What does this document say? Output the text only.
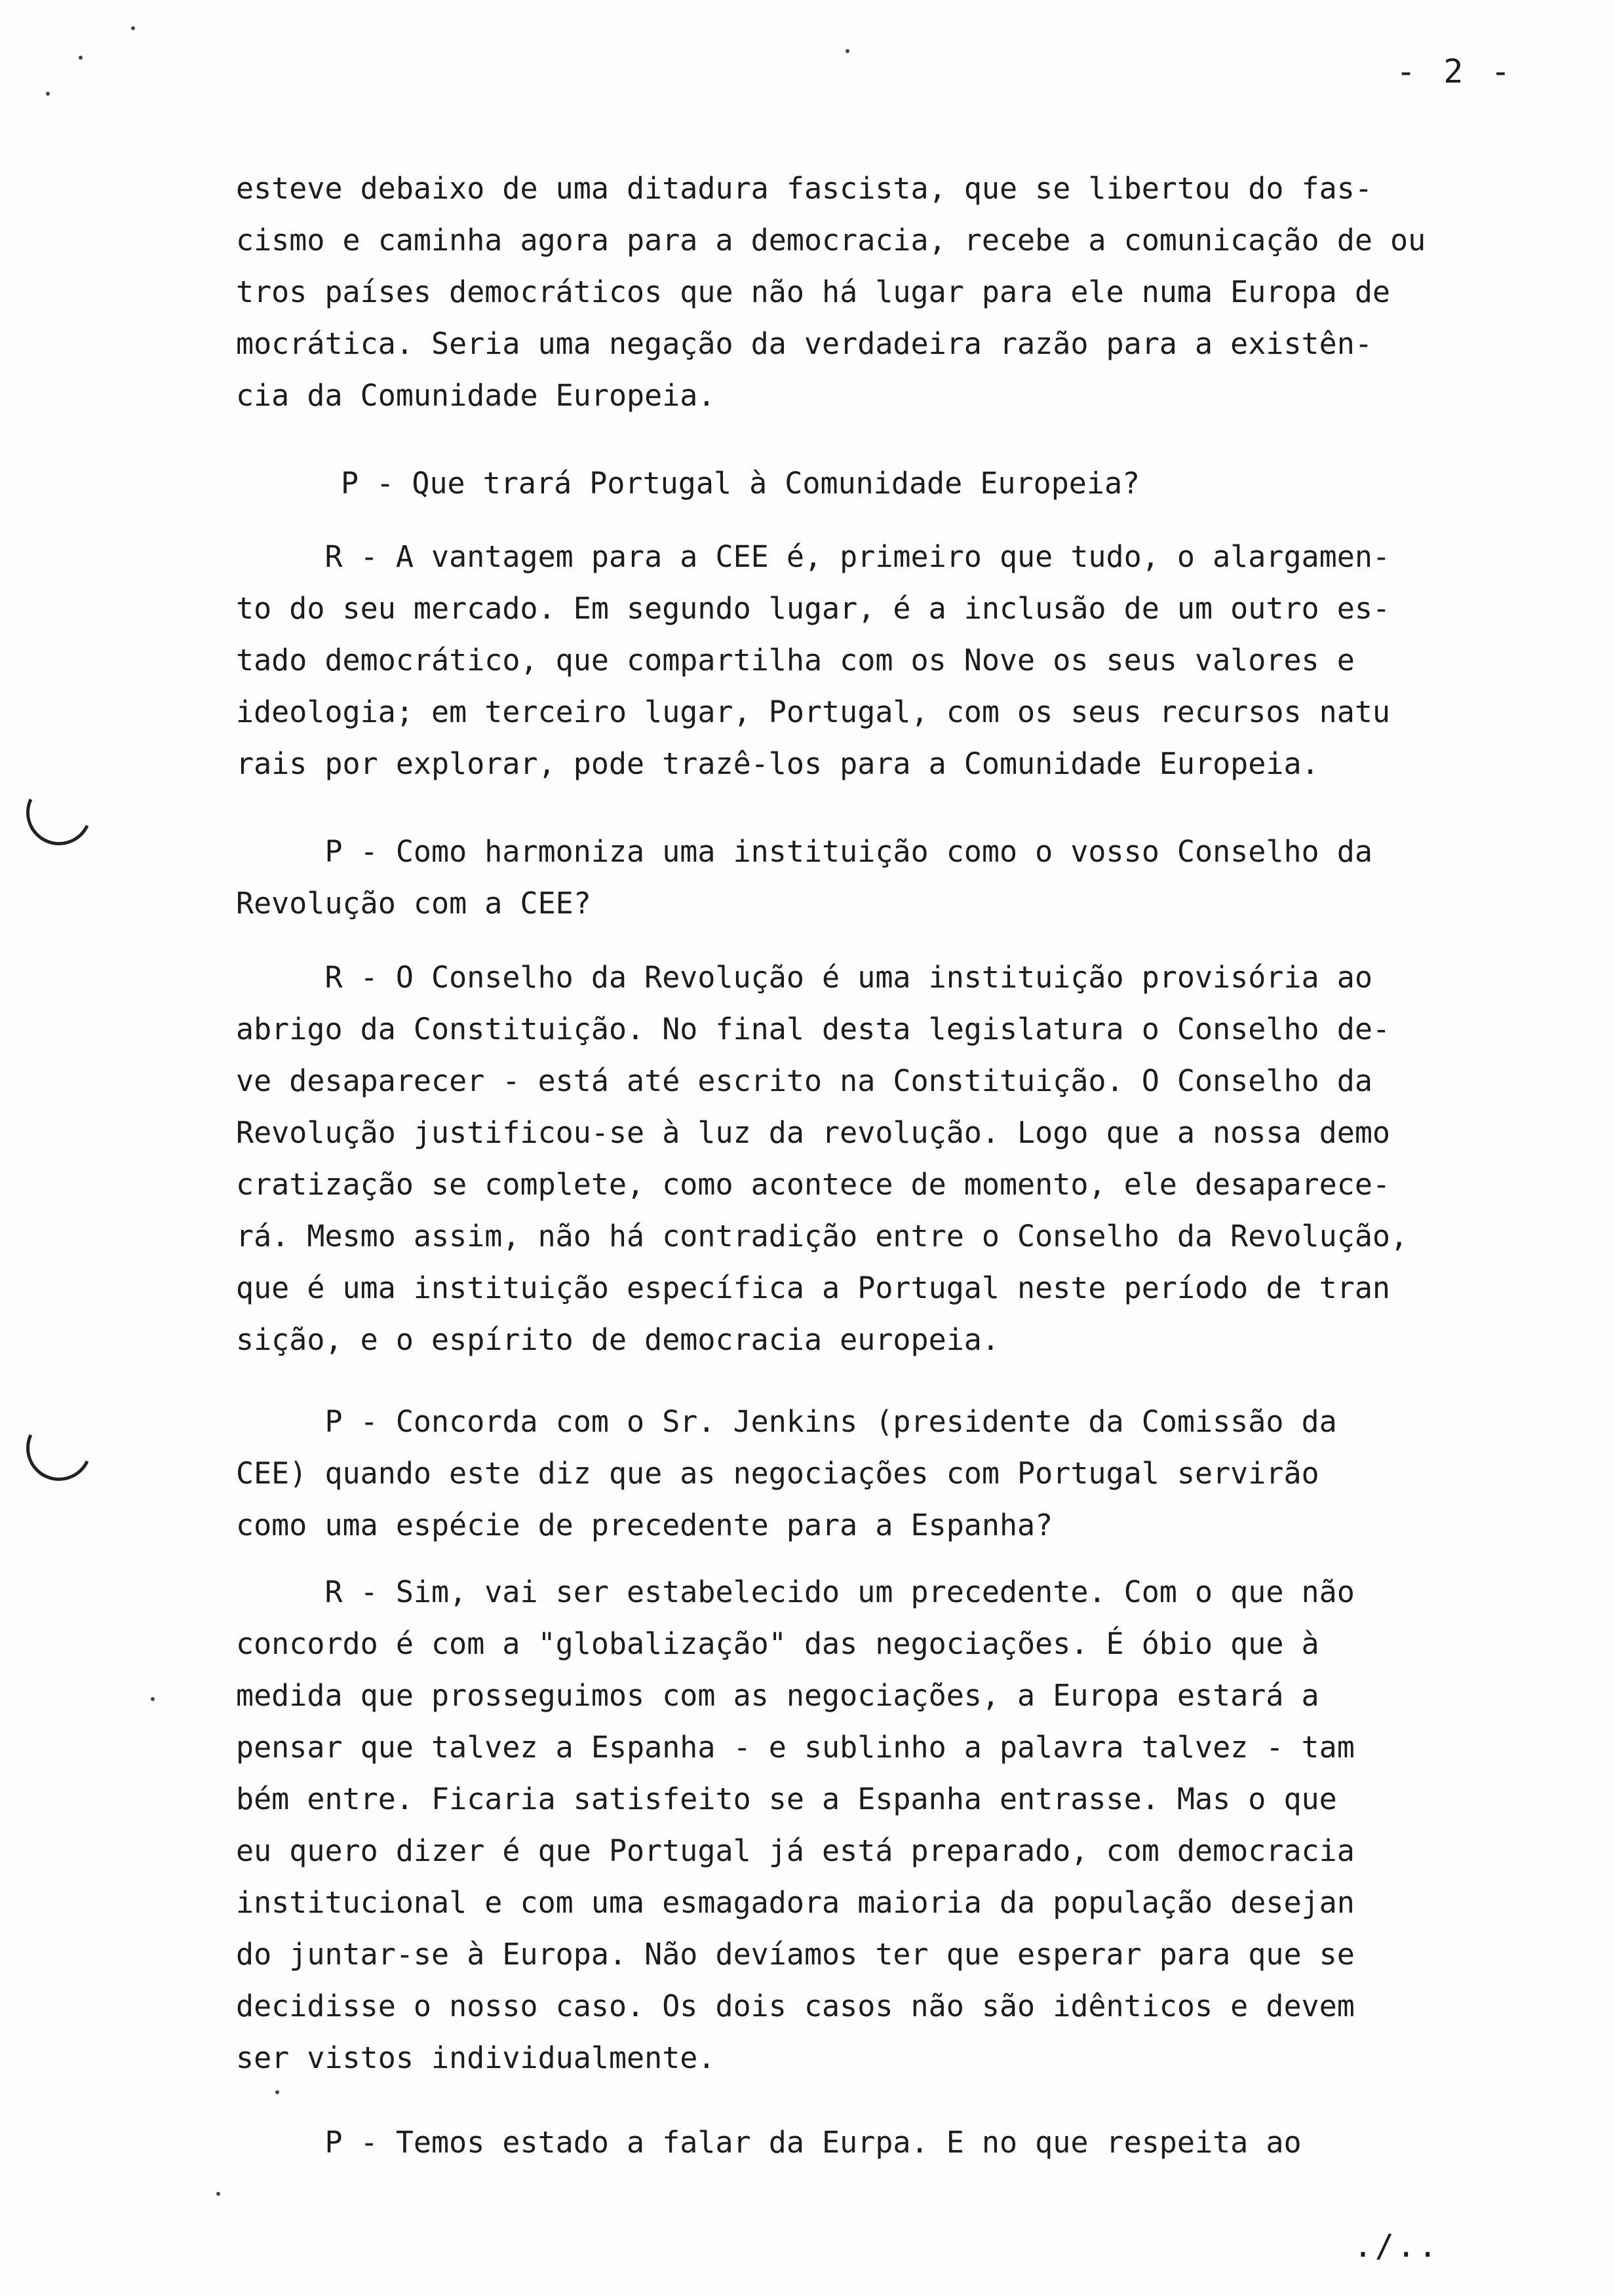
- 2 -
esteve debaixo de uma ditadura fascista, que se libertou do fas-
cismo e caminha agora para a democracia, recebe a comunicação de ou
tros países democráticos que não há lugar para ele numa Europa de
mocrática. Seria uma negação da verdadeira razão para a existên-
cia da Comunidade Europeia.
P - Que trará Portugal à Comunidade Europeia?
R - A vantagem para a CEE é, primeiro que tudo, o alargamen-
to do seu mercado. Em segundo lugar, é a inclusão de um outro es-
tado democrático, que compartilha com os Nove os seus valores e
ideologia; em terceiro lugar, Portugal, com os seus recursos natu
rais por explorar, pode trazê-los para a Comunidade Europeia.
P - Como harmoniza uma instituição como o vosso Conselho da
Revolução com a CEE?
R - O Conselho da Revolução é uma instituição provisória ao
abrigo da Constituição. No final desta legislatura o Conselho de-
ve desaparecer - está até escrito na Constituição. O Conselho da
Revolução justificou-se à luz da revolução. Logo que a nossa demo
cratização se complete, como acontece de momento, ele desaparece-
rá. Mesmo assim, não há contradição entre o Conselho da Revolução,
que é uma instituição específica a Portugal neste período de tran
sição, e o espírito de democracia europeia.
P - Concorda com o Sr. Jenkins (presidente da Comissão da
CEE) quando este diz que as negociações com Portugal servirão
como uma espécie de precedente para a Espanha?
R - Sim, vai ser estabelecido um precedente. Com o que não
concordo é com a "globalização" das negociações. É óbio que à
medida que prosseguimos com as negociações, a Europa estará a
pensar que talvez a Espanha - e sublinho a palavra talvez - tam
bém entre. Ficaria satisfeito se a Espanha entrasse. Mas o que
eu quero dizer é que Portugal já está preparado, com democracia
institucional e com uma esmagadora maioria da população desejan
do juntar-se à Europa. Não devíamos ter que esperar para que se
decidisse o nosso caso. Os dois casos não são idênticos e devem
ser vistos individualmente.
P - Temos estado a falar da Eurpa. E no que respeita ao
./..
